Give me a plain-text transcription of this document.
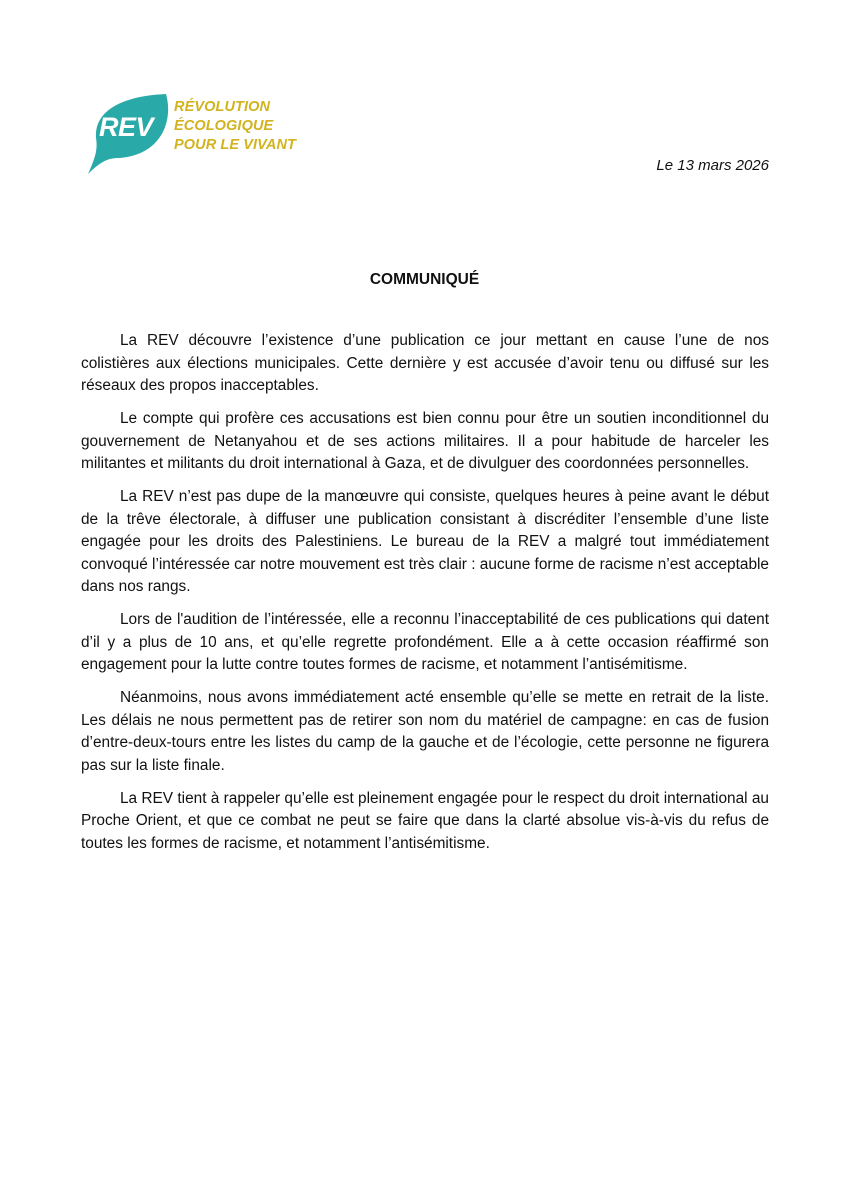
REV
RÉVOLUTION
ÉCOLOGIQUE
POUR LE VIVANT
Le 13 mars 2026
COMMUNIQUÉ

La REV découvre l’existence d’une publication ce jour mettant en cause l’une de nos colistières aux élections municipales. Cette dernière y est accusée d’avoir tenu ou diffusé sur les réseaux des propos inacceptables.

Le compte qui profère ces accusations est bien connu pour être un soutien inconditionnel du gouvernement de Netanyahou et de ses actions militaires. Il a pour habitude de harceler les militantes et militants du droit international à Gaza, et de divulguer des coordonnées personnelles.

La REV n’est pas dupe de la manœuvre qui consiste, quelques heures à peine avant le début de la trêve électorale, à diffuser une publication consistant à discréditer l’ensemble d’une liste engagée pour les droits des Palestiniens. Le bureau de la REV a malgré tout immédiatement convoqué l’intéressée car notre mouvement est très clair : aucune forme de racisme n’est acceptable dans nos rangs.

Lors de l'audition de l’intéressée, elle a reconnu l’inacceptabilité de ces publications qui datent d’il y a plus de 10 ans, et qu’elle regrette profondément. Elle a à cette occasion réaffirmé son engagement pour la lutte contre toutes formes de racisme, et notamment l’antisémitisme.

Néanmoins, nous avons immédiatement acté ensemble qu’elle se mette en retrait de la liste. Les délais ne nous permettent pas de retirer son nom du matériel de campagne: en cas de fusion d’entre-deux-tours entre les listes du camp de la gauche et de l’écologie, cette personne ne figurera pas sur la liste finale.

La REV tient à rappeler qu’elle est pleinement engagée pour le respect du droit international au Proche Orient, et que ce combat ne peut se faire que dans la clarté absolue vis-à-vis du refus de toutes les formes de racisme, et notamment l’antisémitisme.
